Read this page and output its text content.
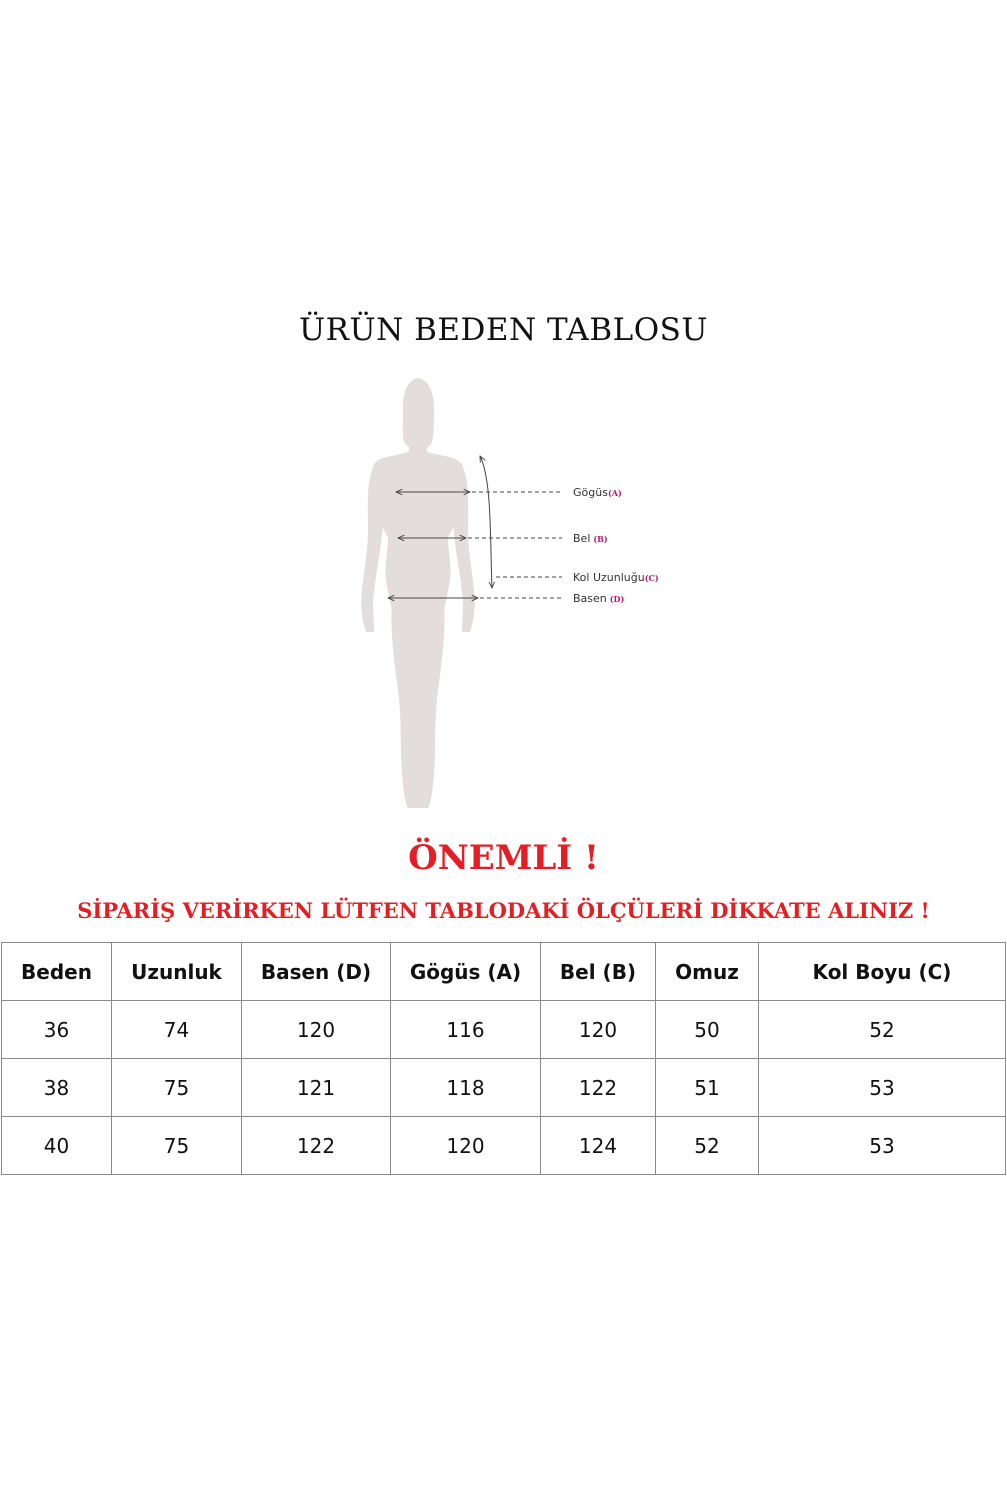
ÜRÜN BEDEN TABLOSU
Gögüs(A)
Bel (B)
Kol Uzunluğu(C)
Basen (D)
ÖNEMLİ !
SİPARİŞ VERİRKEN LÜTFEN TABLODAKİ ÖLÇÜLERİ DİKKATE ALINIZ !
Beden	Uzunluk	Basen (D)	Gögüs (A)	Bel (B)	Omuz	Kol Boyu (C)
36	74	120	116	120	50	52
38	75	121	118	122	51	53
40	75	122	120	124	52	53
